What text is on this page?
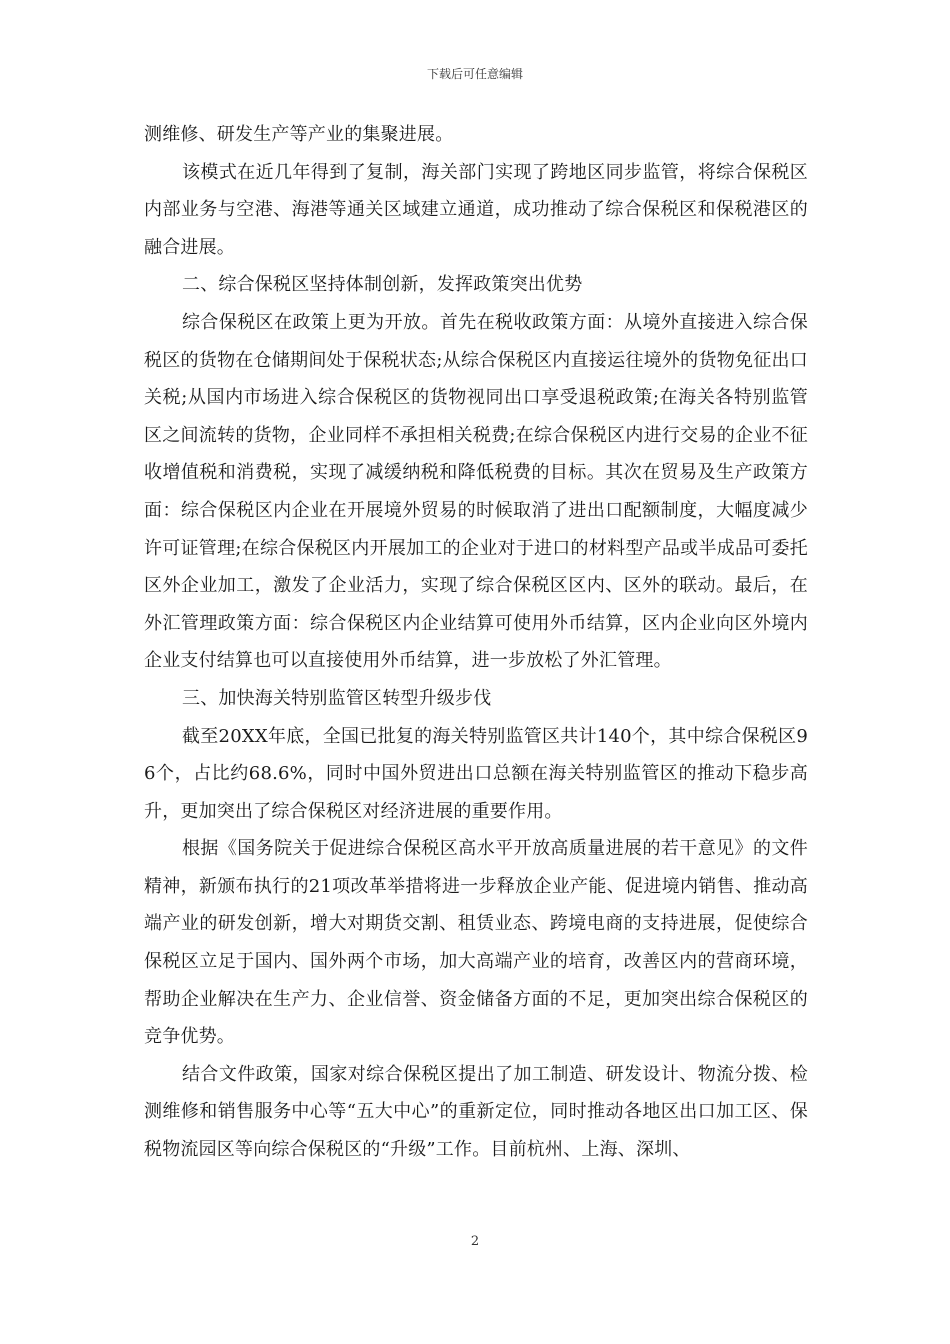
下载后可任意编辑

测维修、研发生产等产业的集聚进展。

该模式在近几年得到了复制，海关部门实现了跨地区同步监管，将综合保税区内部业务与空港、海港等通关区域建立通道，成功推动了综合保税区和保税港区的融合进展。

二、综合保税区坚持体制创新，发挥政策突出优势

综合保税区在政策上更为开放。首先在税收政策方面：从境外直接进入综合保税区的货物在仓储期间处于保税状态;从综合保税区内直接运往境外的货物免征出口关税;从国内市场进入综合保税区的货物视同出口享受退税政策;在海关各特别监管区之间流转的货物，企业同样不承担相关税费;在综合保税区内进行交易的企业不征收增值税和消费税，实现了减缓纳税和降低税费的目标。其次在贸易及生产政策方面：综合保税区内企业在开展境外贸易的时候取消了进出口配额制度，大幅度减少许可证管理;在综合保税区内开展加工的企业对于进口的材料型产品或半成品可委托区外企业加工，激发了企业活力，实现了综合保税区区内、区外的联动。最后，在外汇管理政策方面：综合保税区内企业结算可使用外币结算，区内企业向区外境内企业支付结算也可以直接使用外币结算，进一步放松了外汇管理。

三、加快海关特别监管区转型升级步伐

截至20XX年底，全国已批复的海关特别监管区共计140个，其中综合保税区96个，占比约68.6%，同时中国外贸进出口总额在海关特别监管区的推动下稳步高升，更加突出了综合保税区对经济进展的重要作用。

根据《国务院关于促进综合保税区高水平开放高质量进展的若干意见》的文件精神，新颁布执行的21项改革举措将进一步释放企业产能、促进境内销售、推动高端产业的研发创新，增大对期货交割、租赁业态、跨境电商的支持进展，促使综合保税区立足于国内、国外两个市场，加大高端产业的培育，改善区内的营商环境，帮助企业解决在生产力、企业信誉、资金储备方面的不足，更加突出综合保税区的竞争优势。

结合文件政策，国家对综合保税区提出了加工制造、研发设计、物流分拨、检测维修和销售服务中心等“五大中心”的重新定位，同时推动各地区出口加工区、保税物流园区等向综合保税区的“升级”工作。目前杭州、上海、深圳、

2
